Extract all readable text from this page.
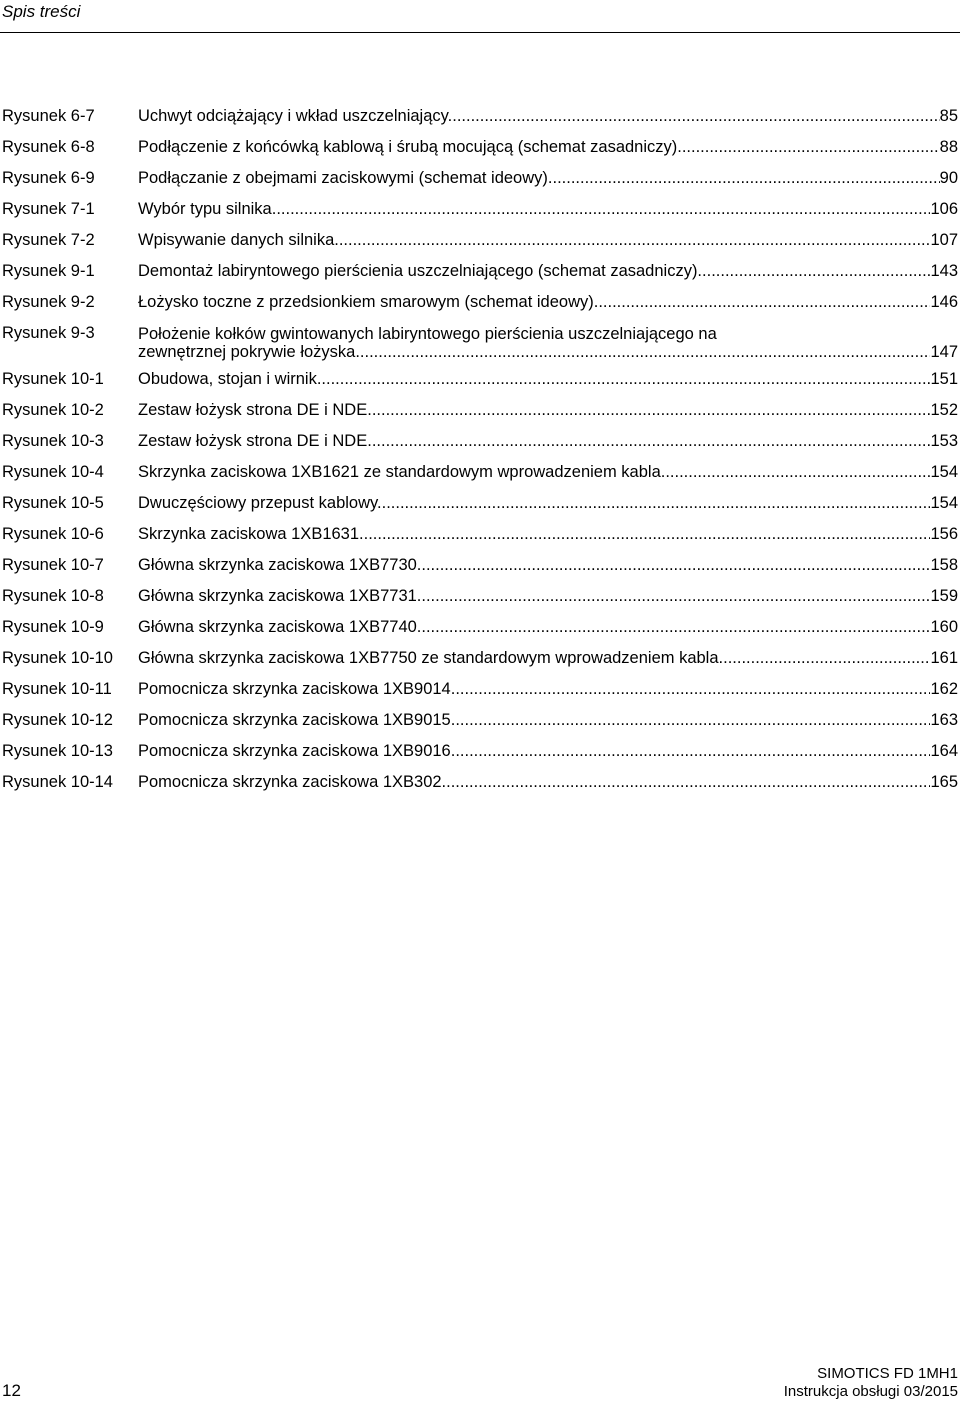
Spis treści
Rysunek 6-7	Uchwyt odciążający i wkład uszczelniający. .....	85
Rysunek 6-8	Podłączenie z końcówką kablową i śrubą mocującą (schemat zasadniczy). .....	88
Rysunek 6-9	Podłączanie z obejmami zaciskowymi (schemat ideowy). .....	90
Rysunek 7-1	Wybór typu silnika. .....	106
Rysunek 7-2	Wpisywanie danych silnika. .....	107
Rysunek 9-1	Demontaż labiryntowego pierścienia uszczelniającego (schemat zasadniczy). .....	143
Rysunek 9-2	Łożysko toczne z przedsionkiem smarowym (schemat ideowy). .....	146
Rysunek 9-3	Położenie kołków gwintowanych labiryntowego pierścienia uszczelniającego na
zewnętrznej pokrywie łożyska. .....	147
Rysunek 10-1 Obudowa, stojan i wirnik. .....	151
Rysunek 10-2 Zestaw łożysk strona DE i NDE. .....	152
Rysunek 10-3 Zestaw łożysk strona DE i NDE. .....	153
Rysunek 10-4 Skrzynka zaciskowa 1XB1621 ze standardowym wprowadzeniem kabla. .....	154
Rysunek 10-5 Dwuczęściowy przepust kablowy. .....	154
Rysunek 10-6 Skrzynka zaciskowa 1XB1631. .....	156
Rysunek 10-7 Główna skrzynka zaciskowa 1XB7730. .....	158
Rysunek 10-8 Główna skrzynka zaciskowa 1XB7731. .....	159
Rysunek 10-9 Główna skrzynka zaciskowa 1XB7740. .....	160
Rysunek 10-10 Główna skrzynka zaciskowa 1XB7750 ze standardowym wprowadzeniem kabla. .....	161
Rysunek 10-11 Pomocnicza skrzynka zaciskowa 1XB9014 .....	162
Rysunek 10-12 Pomocnicza skrzynka zaciskowa 1XB9015 .....	163
Rysunek 10-13 Pomocnicza skrzynka zaciskowa 1XB9016 .....	164
Rysunek 10-14 Pomocnicza skrzynka zaciskowa 1XB302. .....	165
12
SIMOTICS FD 1MH1
Instrukcja obsługi 03/2015
